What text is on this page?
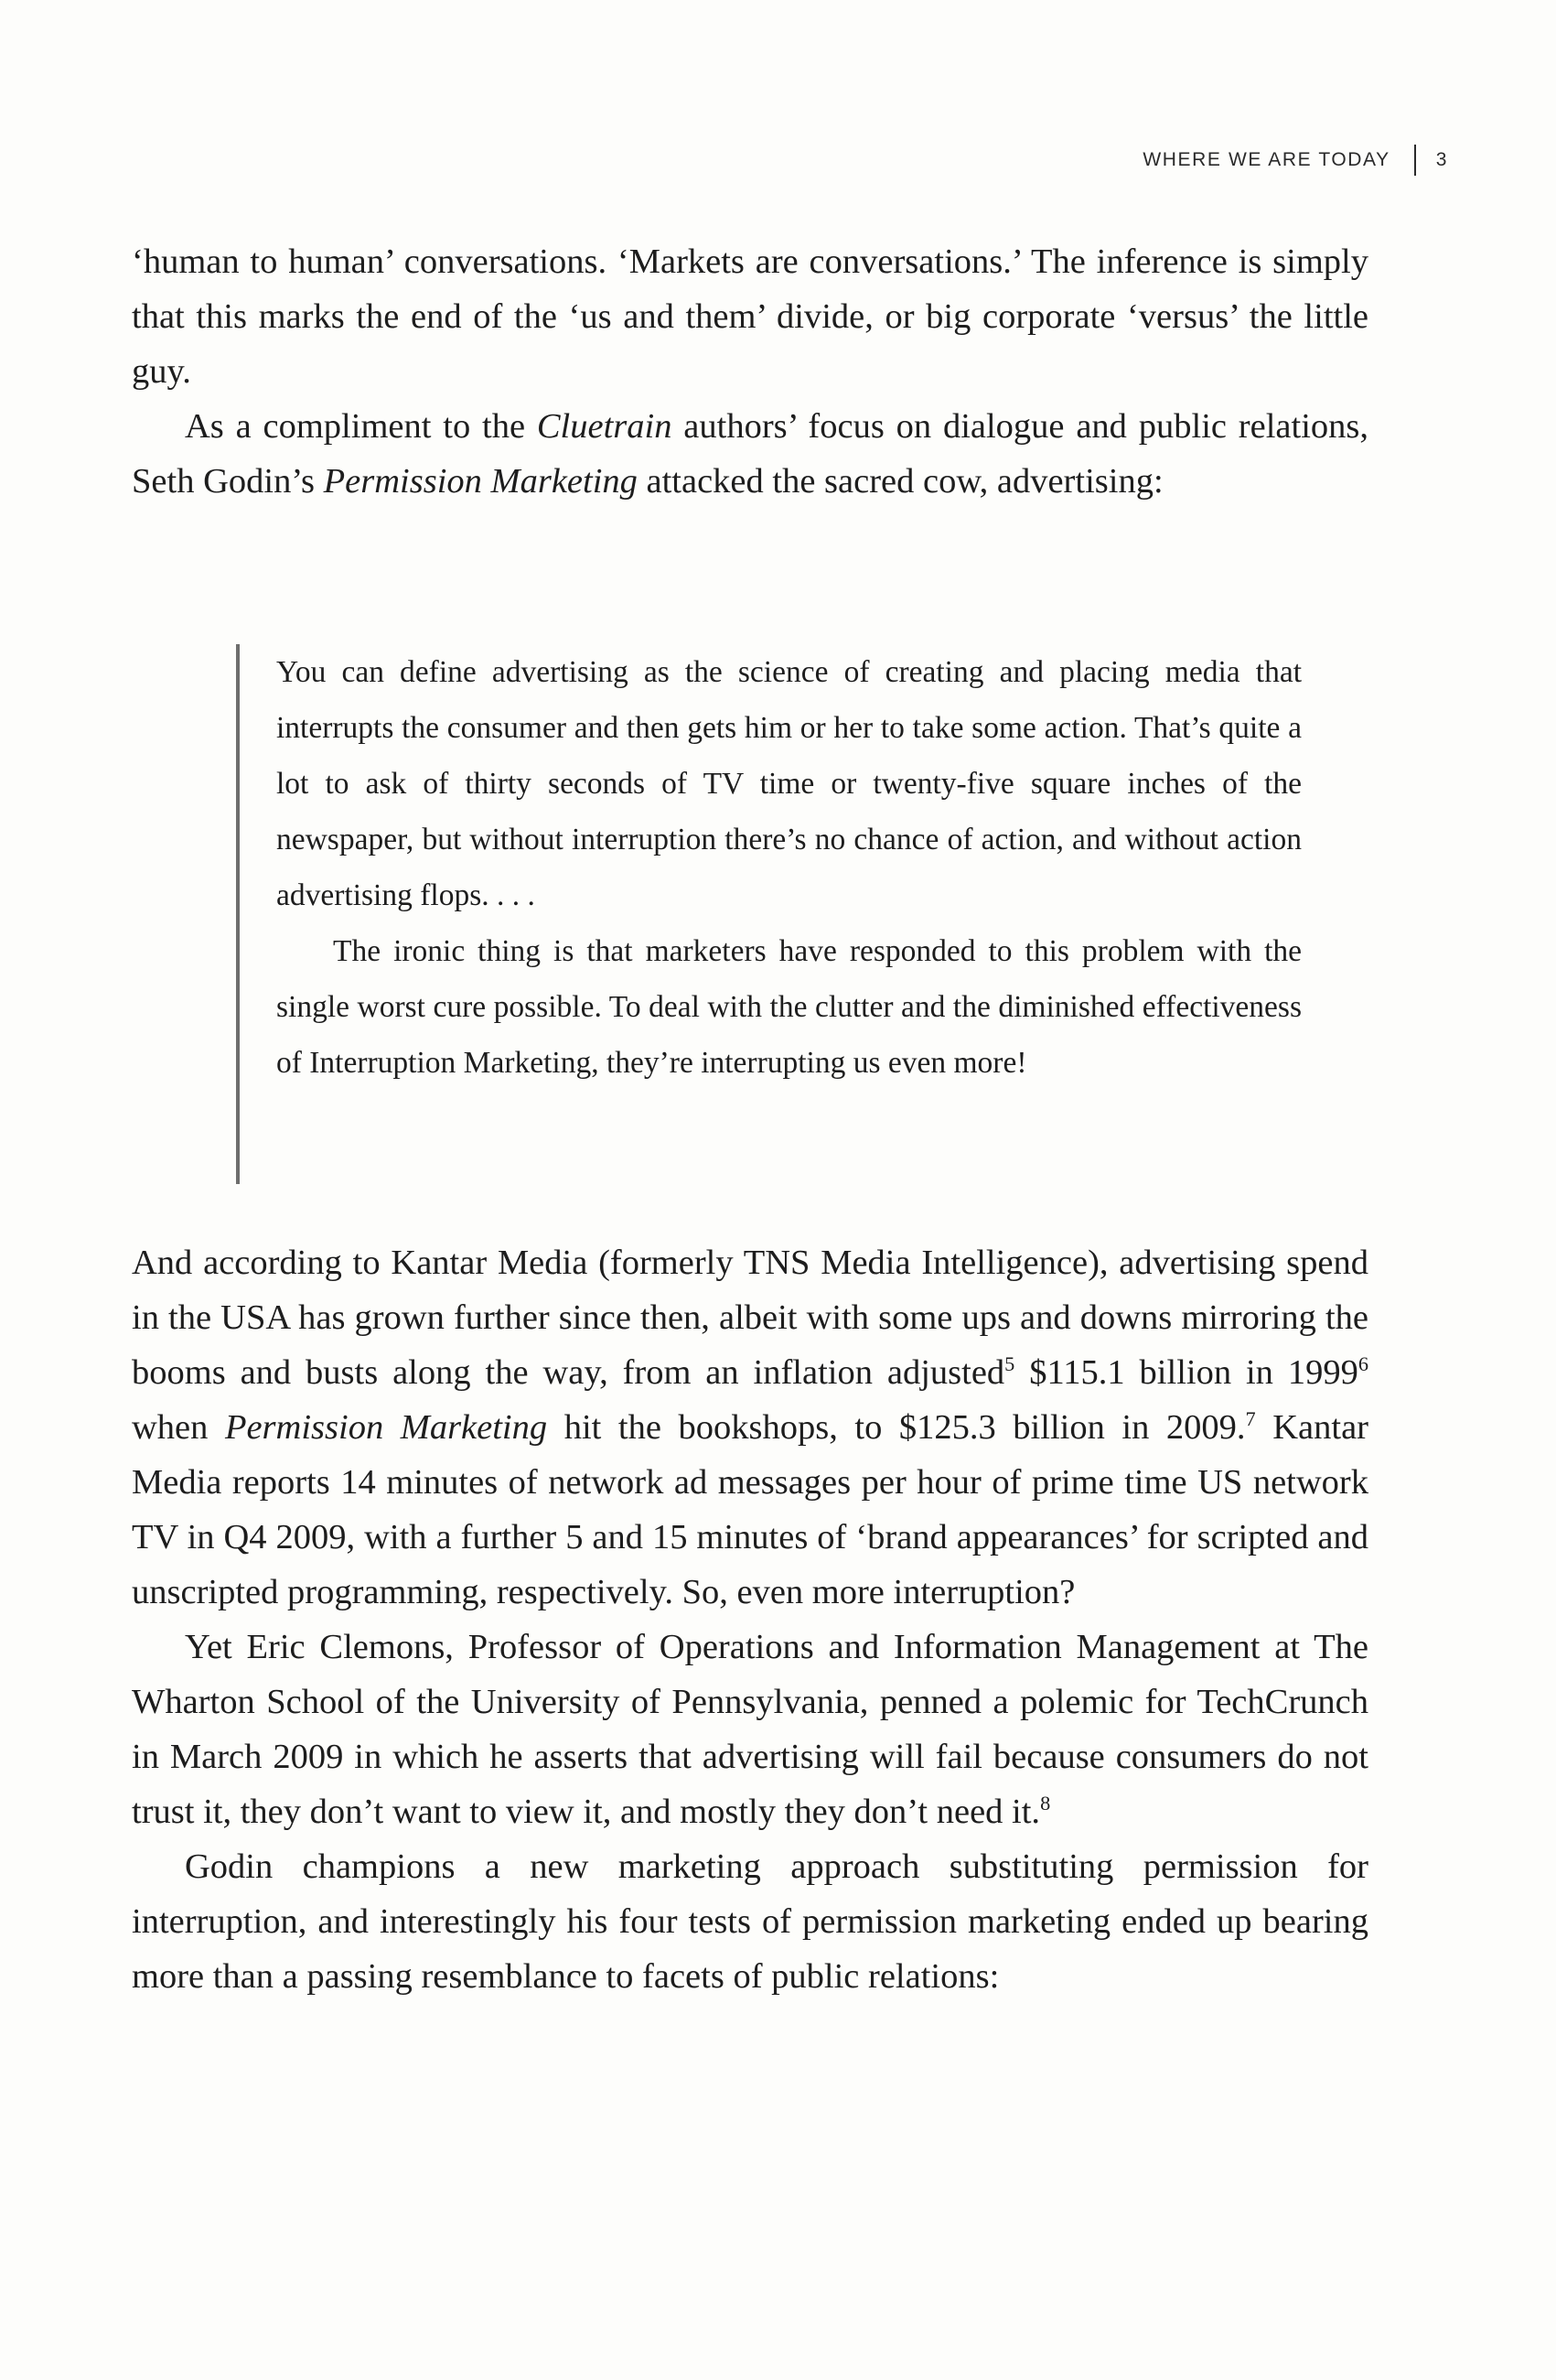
WHERE WE ARE TODAY 3

‘human to human’ conversations. ‘Markets are conversations.’ The inference is simply that this marks the end of the ‘us and them’ divide, or big corporate ‘versus’ the little guy.

As a compliment to the Cluetrain authors’ focus on dialogue and public relations, Seth Godin’s Permission Marketing attacked the sacred cow, advertising:

You can define advertising as the science of creating and placing media that interrupts the consumer and then gets him or her to take some action. That’s quite a lot to ask of thirty seconds of TV time or twenty-five square inches of the newspaper, but without interruption there’s no chance of action, and without action advertising flops. . . .

The ironic thing is that marketers have responded to this problem with the single worst cure possible. To deal with the clutter and the diminished effectiveness of Interruption Marketing, they’re interrupting us even more!

And according to Kantar Media (formerly TNS Media Intelligence), advertising spend in the USA has grown further since then, albeit with some ups and downs mirroring the booms and busts along the way, from an inflation adjusted$^5$ $115.1 billion in 1999$^6$ when Permission Marketing hit the bookshops, to $125.3 billion in 2009.$^7$ Kantar Media reports 14 minutes of network ad messages per hour of prime time US network TV in Q4 2009, with a further 5 and 15 minutes of ‘brand appearances’ for scripted and unscripted programming, respectively. So, even more interruption?

Yet Eric Clemons, Professor of Operations and Information Management at The Wharton School of the University of Pennsylvania, penned a polemic for TechCrunch in March 2009 in which he asserts that advertising will fail because consumers do not trust it, they don’t want to view it, and mostly they don’t need it.$^8$

Godin champions a new marketing approach substituting permission for interruption, and interestingly his four tests of permission marketing ended up bearing more than a passing resemblance to facets of public relations:
